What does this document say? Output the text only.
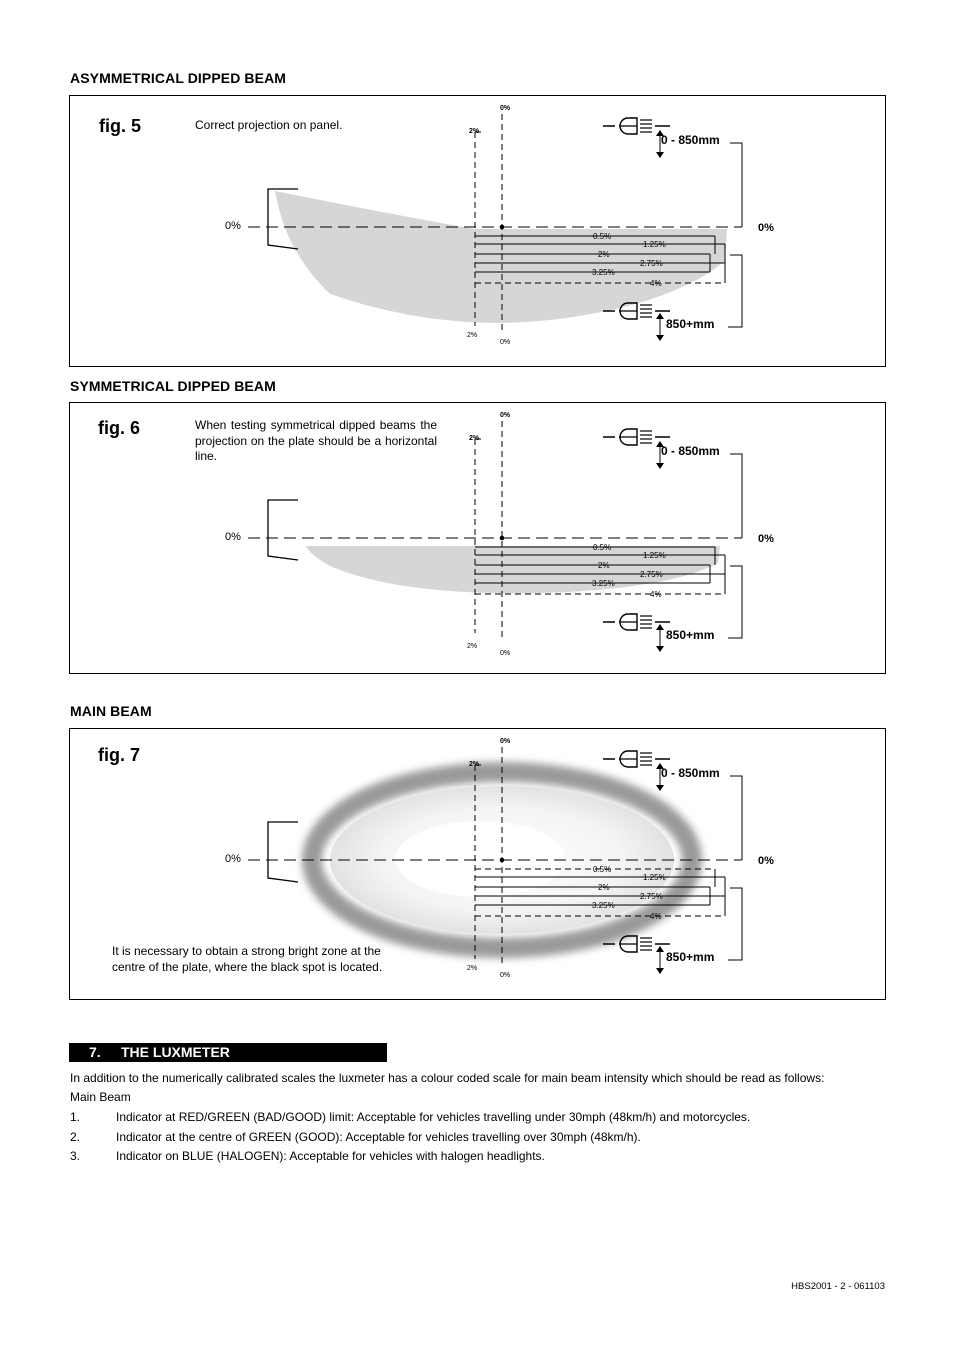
ASYMMETRICAL DIPPED BEAM
SYMMETRICAL DIPPED BEAM
MAIN BEAM
fig. 5	Correct projection on panel.
0.5%
1.25%
2%
2.75%
3.25%
4%
0%	0%
0%
2%
2%
0%
0 - 850mm
850+mm
fig. 6	When testing symmetrical dipped beams the projection on the plate should be a horizontal line.
0.5%
1.25%
2%
2.75%
3.25%
4%
0%	0%
0%
2%
2%
0%
0 - 850mm
850+mm
fig. 7
It is necessary to obtain a strong bright zone at the centre of the plate, where the black spot is located.
0.5%
1.25%
2%
2.75%
3.25%
4%
0%	0%
0%
2%
2%
0%
0 - 850mm
850+mm
7. THE LUXMETER
In addition to the numerically calibrated scales the luxmeter has a colour coded scale for main beam intensity which should be read as follows:
Main Beam
1.	Indicator at RED/GREEN (BAD/GOOD) limit: Acceptable for vehicles travelling under 30mph (48km/h) and motorcycles.
2.	Indicator at the centre of GREEN (GOOD): Acceptable for vehicles travelling over 30mph (48km/h).
3.	Indicator on BLUE (HALOGEN): Acceptable for vehicles with halogen headlights.
HBS2001 - 2 - 061103
